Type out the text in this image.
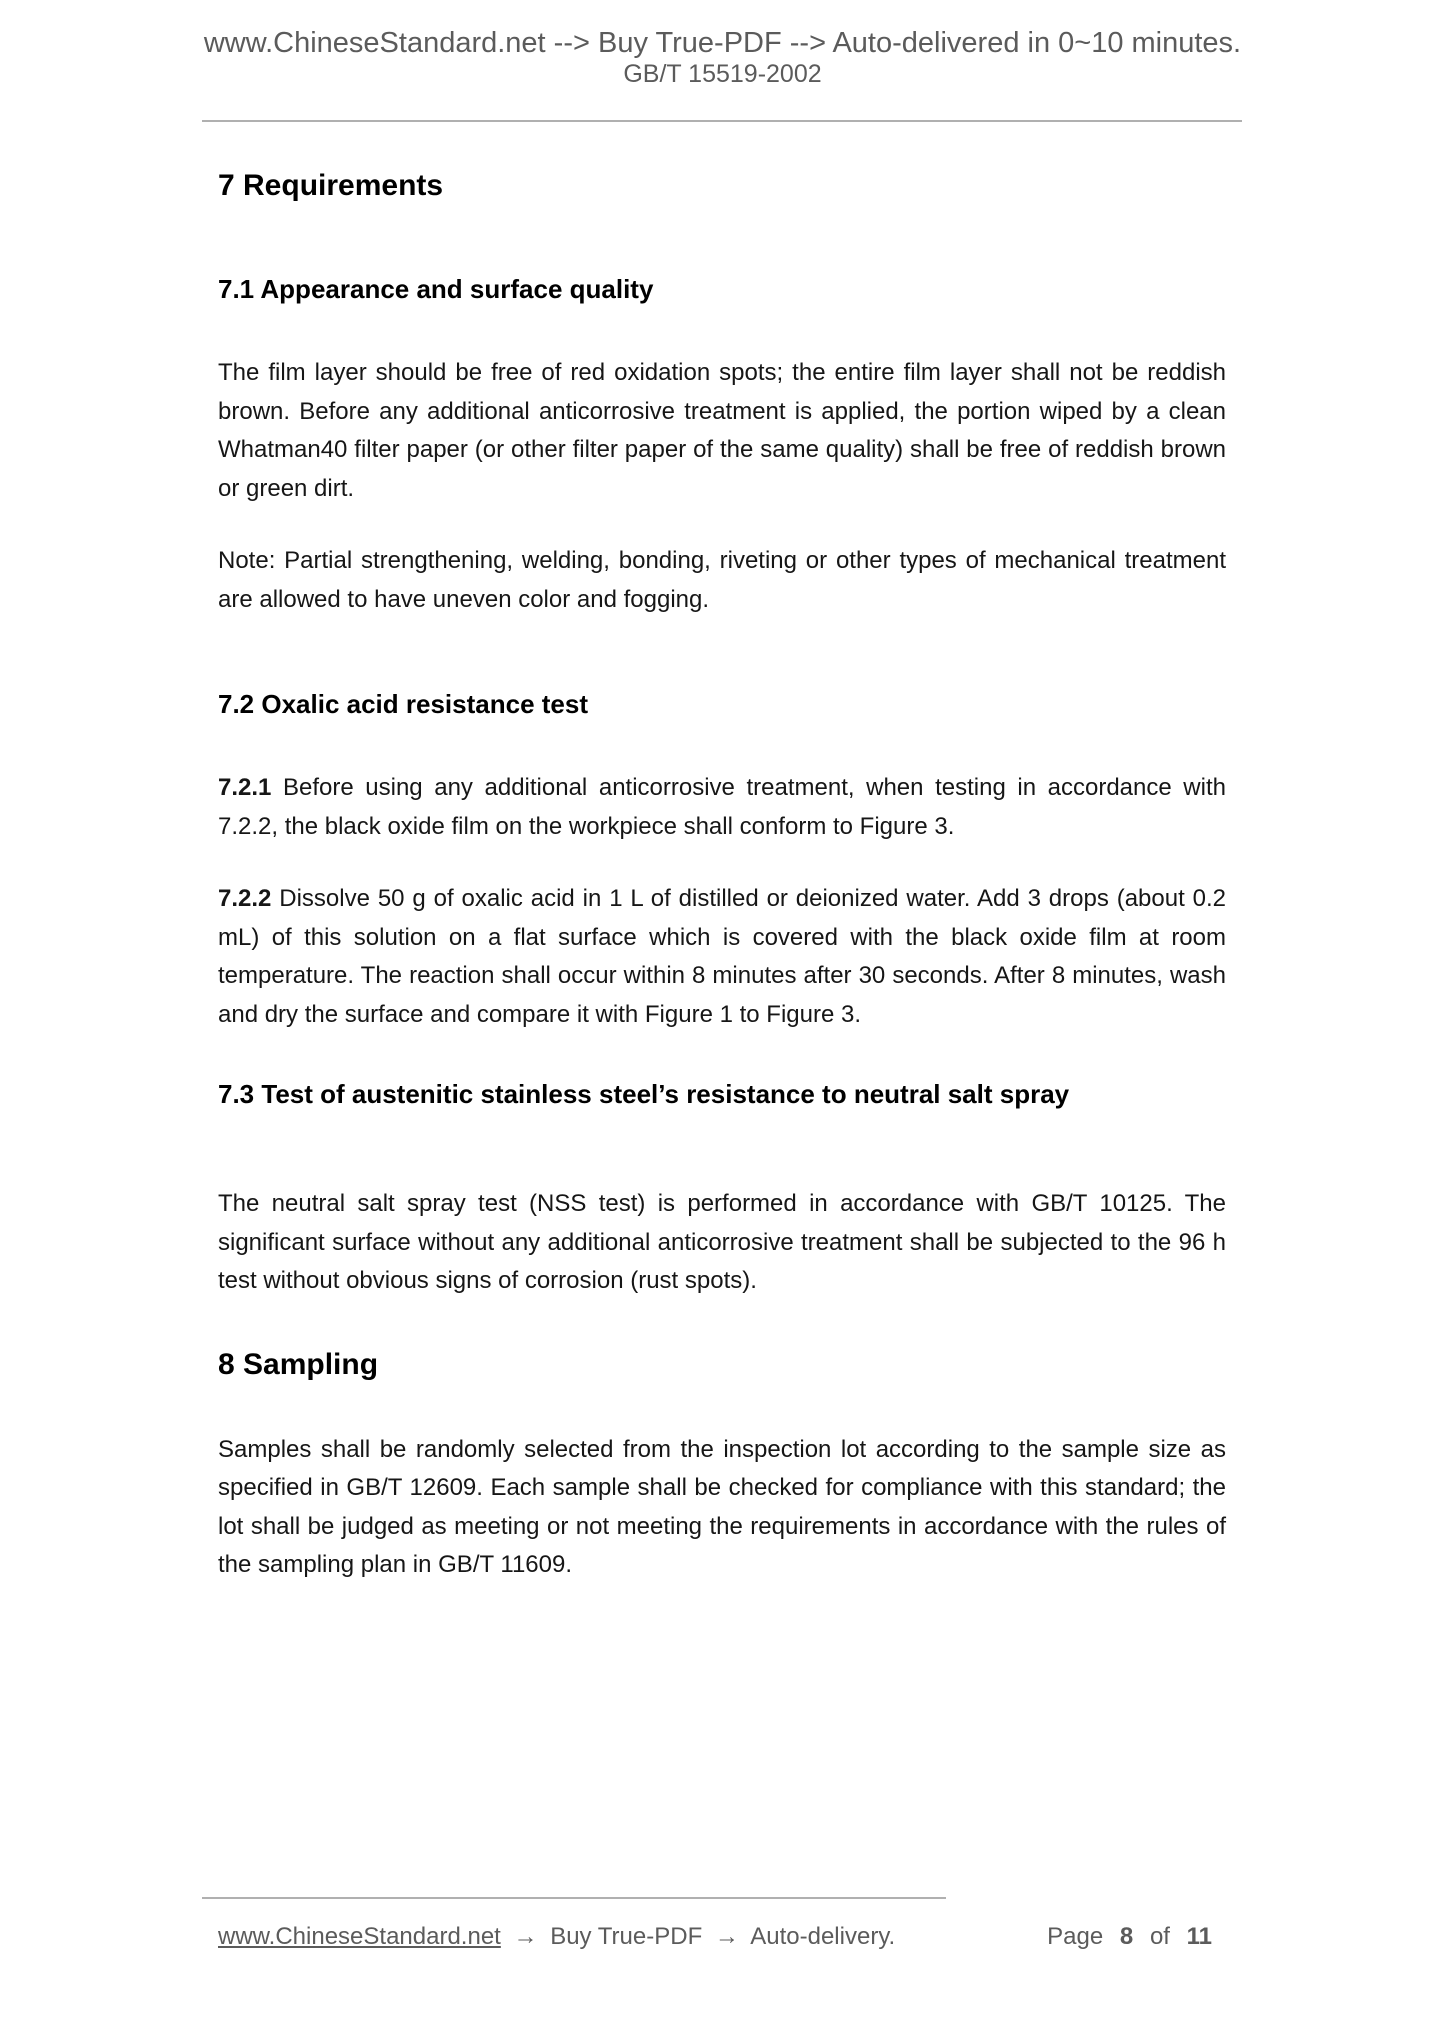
www.ChineseStandard.net --> Buy True-PDF --> Auto-delivered in 0~10 minutes.
GB/T 15519-2002
7 Requirements
7.1 Appearance and surface quality
The film layer should be free of red oxidation spots; the entire film layer shall not be reddish brown. Before any additional anticorrosive treatment is applied, the portion wiped by a clean Whatman40 filter paper (or other filter paper of the same quality) shall be free of reddish brown or green dirt.
Note: Partial strengthening, welding, bonding, riveting or other types of mechanical treatment are allowed to have uneven color and fogging.
7.2 Oxalic acid resistance test
7.2.1 Before using any additional anticorrosive treatment, when testing in accordance with 7.2.2, the black oxide film on the workpiece shall conform to Figure 3.
7.2.2 Dissolve 50 g of oxalic acid in 1 L of distilled or deionized water. Add 3 drops (about 0.2 mL) of this solution on a flat surface which is covered with the black oxide film at room temperature. The reaction shall occur within 8 minutes after 30 seconds. After 8 minutes, wash and dry the surface and compare it with Figure 1 to Figure 3.
7.3 Test of austenitic stainless steel’s resistance to neutral salt spray
The neutral salt spray test (NSS test) is performed in accordance with GB/T 10125. The significant surface without any additional anticorrosive treatment shall be subjected to the 96 h test without obvious signs of corrosion (rust spots).
8 Sampling
Samples shall be randomly selected from the inspection lot according to the sample size as specified in GB/T 12609. Each sample shall be checked for compliance with this standard; the lot shall be judged as meeting or not meeting the requirements in accordance with the rules of the sampling plan in GB/T 11609.
www.ChineseStandard.net → Buy True-PDF → Auto-delivery.	Page 8 of 11
